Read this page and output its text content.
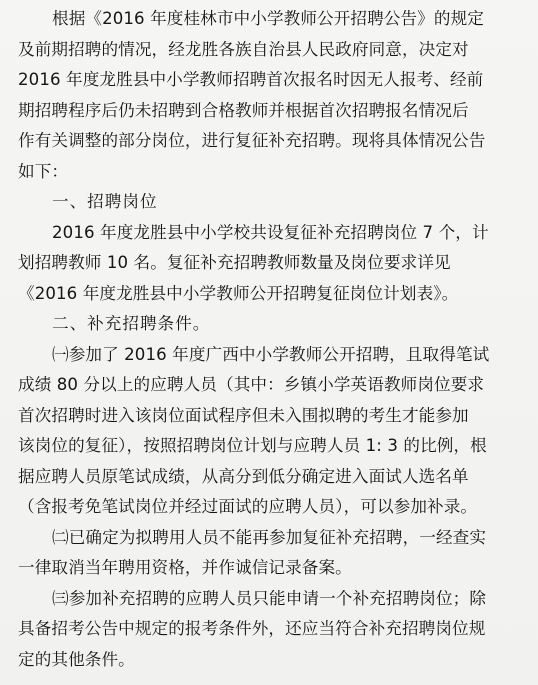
根据《2016 年度桂林市中小学教师公开招聘公告》的规定
及前期招聘的情况，经龙胜各族自治县人民政府同意，决定对
2016 年度龙胜县中小学教师招聘首次报名时因无人报考、经前
期招聘程序后仍未招聘到合格教师并根据首次招聘报名情况后
作有关调整的部分岗位，进行复征补充招聘。现将具体情况公告
如下：
一、招聘岗位
2016 年度龙胜县中小学校共设复征补充招聘岗位 7 个，计
划招聘教师 10 名。复征补充招聘教师数量及岗位要求详见
《2016 年度龙胜县中小学教师公开招聘复征岗位计划表》。
二、补充招聘条件。
㈠参加了 2016 年度广西中小学教师公开招聘，且取得笔试
成绩 80 分以上的应聘人员（其中：乡镇小学英语教师岗位要求
首次招聘时进入该岗位面试程序但未入围拟聘的考生才能参加
该岗位的复征），按照招聘岗位计划与应聘人员 1: 3 的比例，根
据应聘人员原笔试成绩，从高分到低分确定进入面试人选名单
（含报考免笔试岗位并经过面试的应聘人员），可以参加补录。
㈡已确定为拟聘用人员不能再参加复征补充招聘，一经查实
一律取消当年聘用资格，并作诚信记录备案。
㈢参加补充招聘的应聘人员只能申请一个补充招聘岗位；除
具备招考公告中规定的报考条件外，还应当符合补充招聘岗位规
定的其他条件。
